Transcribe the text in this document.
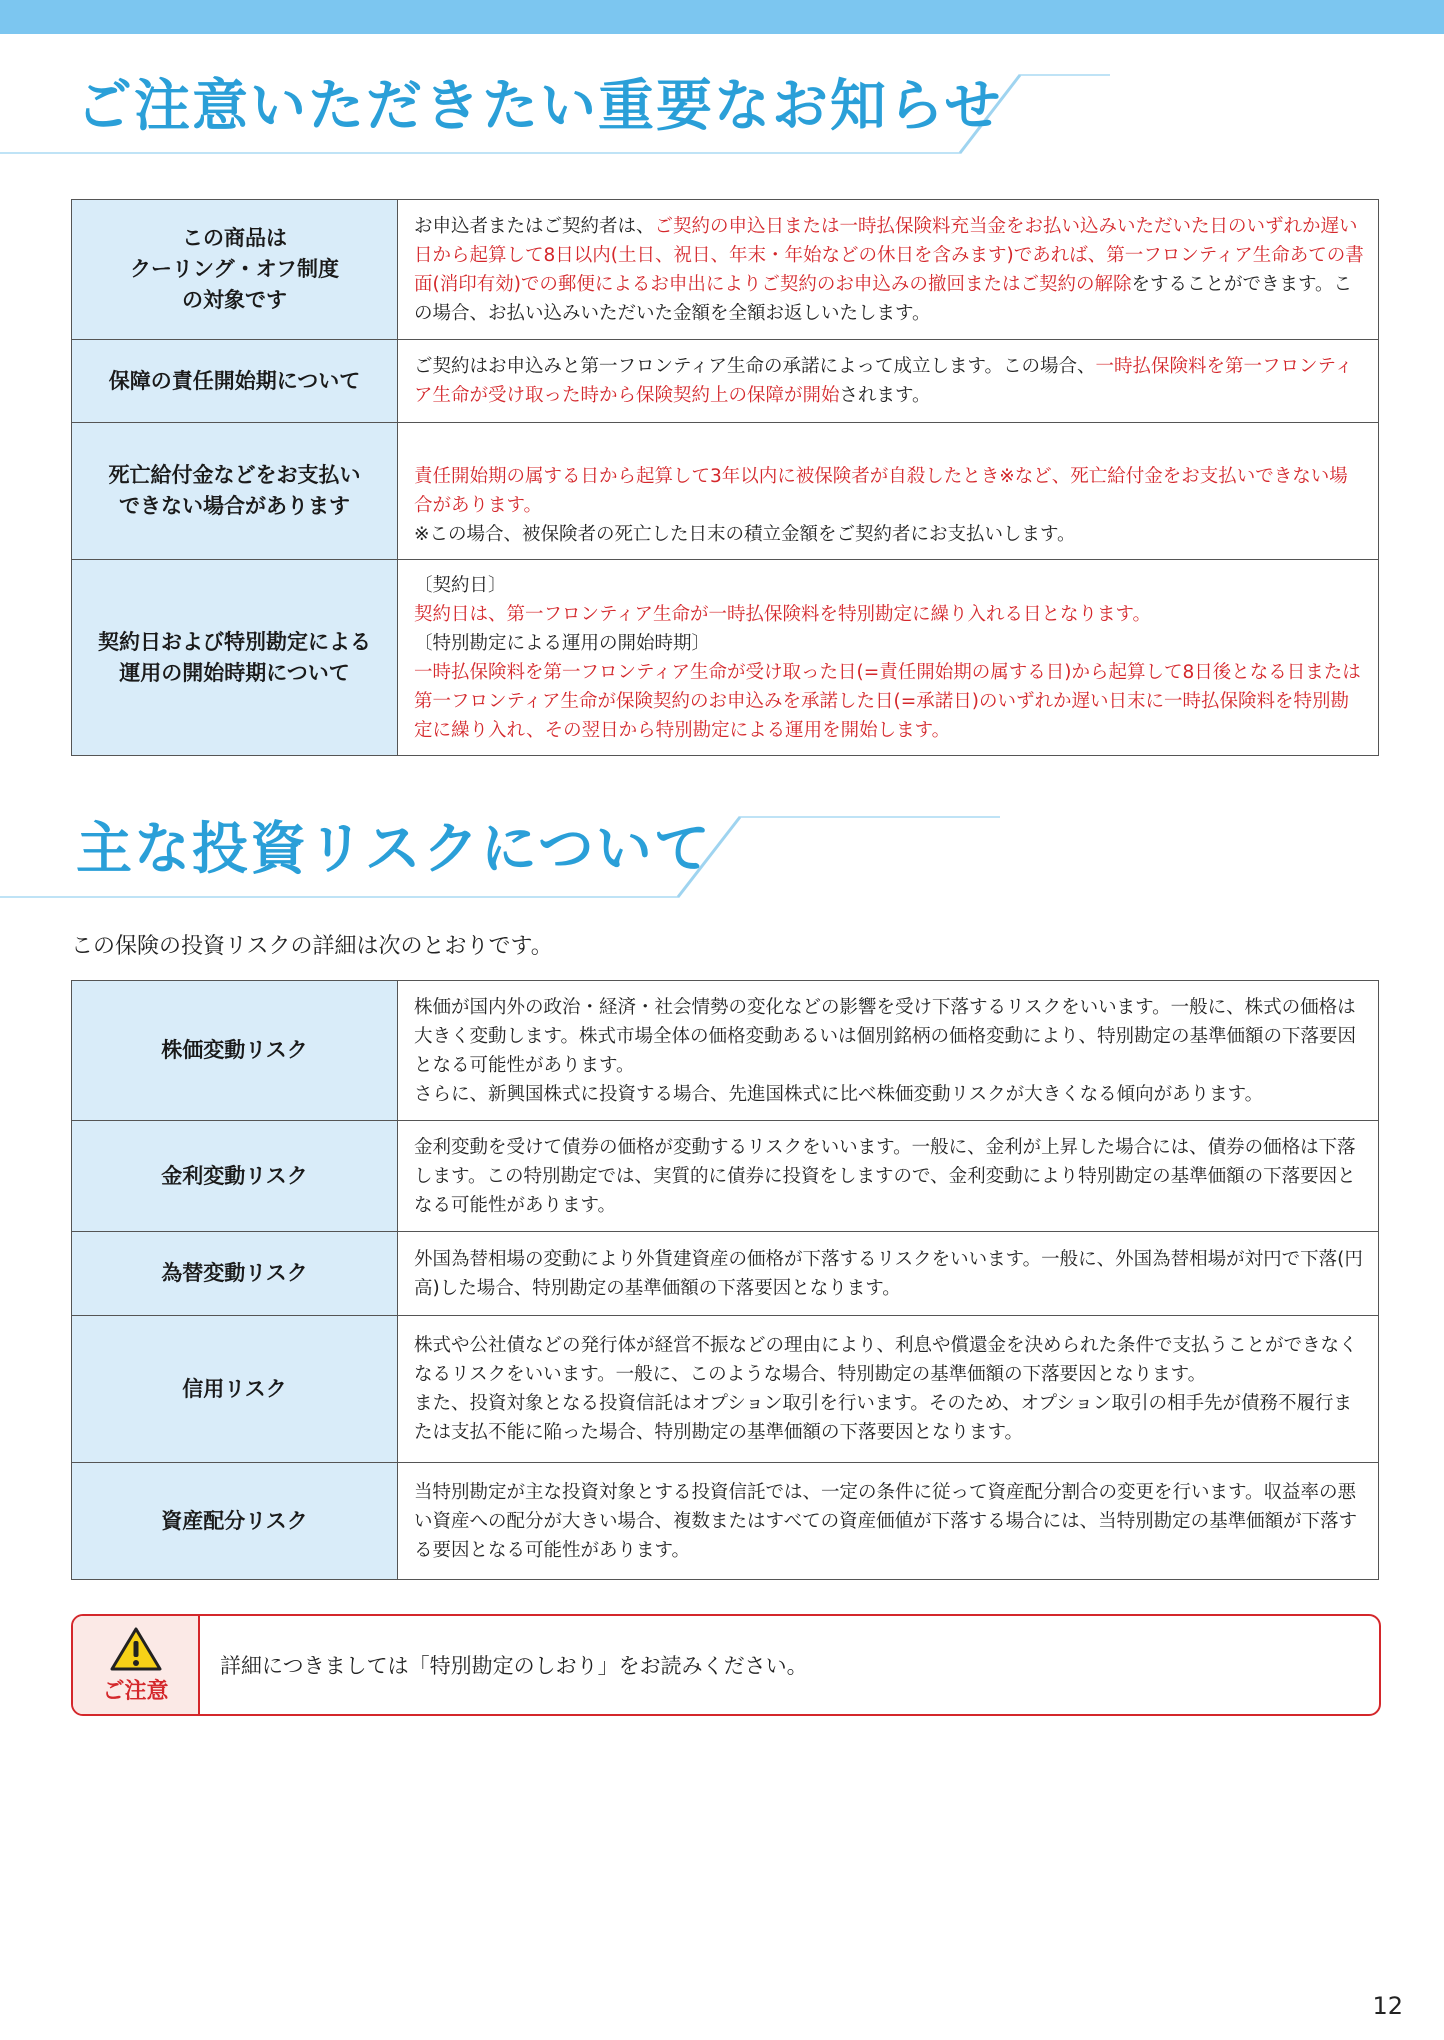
ご注意いただきたい重要なお知らせ
この商品は
クーリング・オフ制度
の対象です	お申込者またはご契約者は、ご契約の申込日または一時払保険料充当金をお払い込みいただいた日のいずれか遅い日から起算して8日以内(土日、祝日、年末・年始などの休日を含みます)であれば、第一フロンティア生命あての書面(消印有効)での郵便によるお申出によりご契約のお申込みの撤回またはご契約の解除をすることができます。この場合、お払い込みいただいた金額を全額お返しいたします。

保障の責任開始期について	ご契約はお申込みと第一フロンティア生命の承諾によって成立します。この場合、一時払保険料を第一フロンティア生命が受け取った時から保険契約上の保障が開始されます。

死亡給付金などをお支払い
できない場合があります	責任開始期の属する日から起算して3年以内に被保険者が自殺したとき※など、死亡給付金をお支払いできない場合があります。
※この場合、被保険者の死亡した日末の積立金額をご契約者にお支払いします。

契約日および特別勘定による
運用の開始時期について	〔契約日〕
契約日は、第一フロンティア生命が一時払保険料を特別勘定に繰り入れる日となります。
〔特別勘定による運用の開始時期〕
一時払保険料を第一フロンティア生命が受け取った日(=責任開始期の属する日)から起算して8日後となる日または第一フロンティア生命が保険契約のお申込みを承諾した日(=承諾日)のいずれか遅い日末に一時払保険料を特別勘定に繰り入れ、その翌日から特別勘定による運用を開始します。
主な投資リスクについて
この保険の投資リスクの詳細は次のとおりです。
株価変動リスク	株価が国内外の政治・経済・社会情勢の変化などの影響を受け下落するリスクをいいます。一般に、株式の価格は大きく変動します。株式市場全体の価格変動あるいは個別銘柄の価格変動により、特別勘定の基準価額の下落要因となる可能性があります。
さらに、新興国株式に投資する場合、先進国株式に比べ株価変動リスクが大きくなる傾向があります。
金利変動リスク	金利変動を受けて債券の価格が変動するリスクをいいます。一般に、金利が上昇した場合には、債券の価格は下落します。この特別勘定では、実質的に債券に投資をしますので、金利変動により特別勘定の基準価額の下落要因となる可能性があります。
為替変動リスク	外国為替相場の変動により外貨建資産の価格が下落するリスクをいいます。一般に、外国為替相場が対円で下落(円高)した場合、特別勘定の基準価額の下落要因となります。
信用リスク	株式や公社債などの発行体が経営不振などの理由により、利息や償還金を決められた条件で支払うことができなくなるリスクをいいます。一般に、このような場合、特別勘定の基準価額の下落要因となります。
また、投資対象となる投資信託はオプション取引を行います。そのため、オプション取引の相手先が債務不履行または支払不能に陥った場合、特別勘定の基準価額の下落要因となります。
資産配分リスク	当特別勘定が主な投資対象とする投資信託では、一定の条件に従って資産配分割合の変更を行います。収益率の悪い資産への配分が大きい場合、複数またはすべての資産価値が下落する場合には、当特別勘定の基準価額が下落する要因となる可能性があります。
ご注意
詳細につきましては「特別勘定のしおり」をお読みください。
12
